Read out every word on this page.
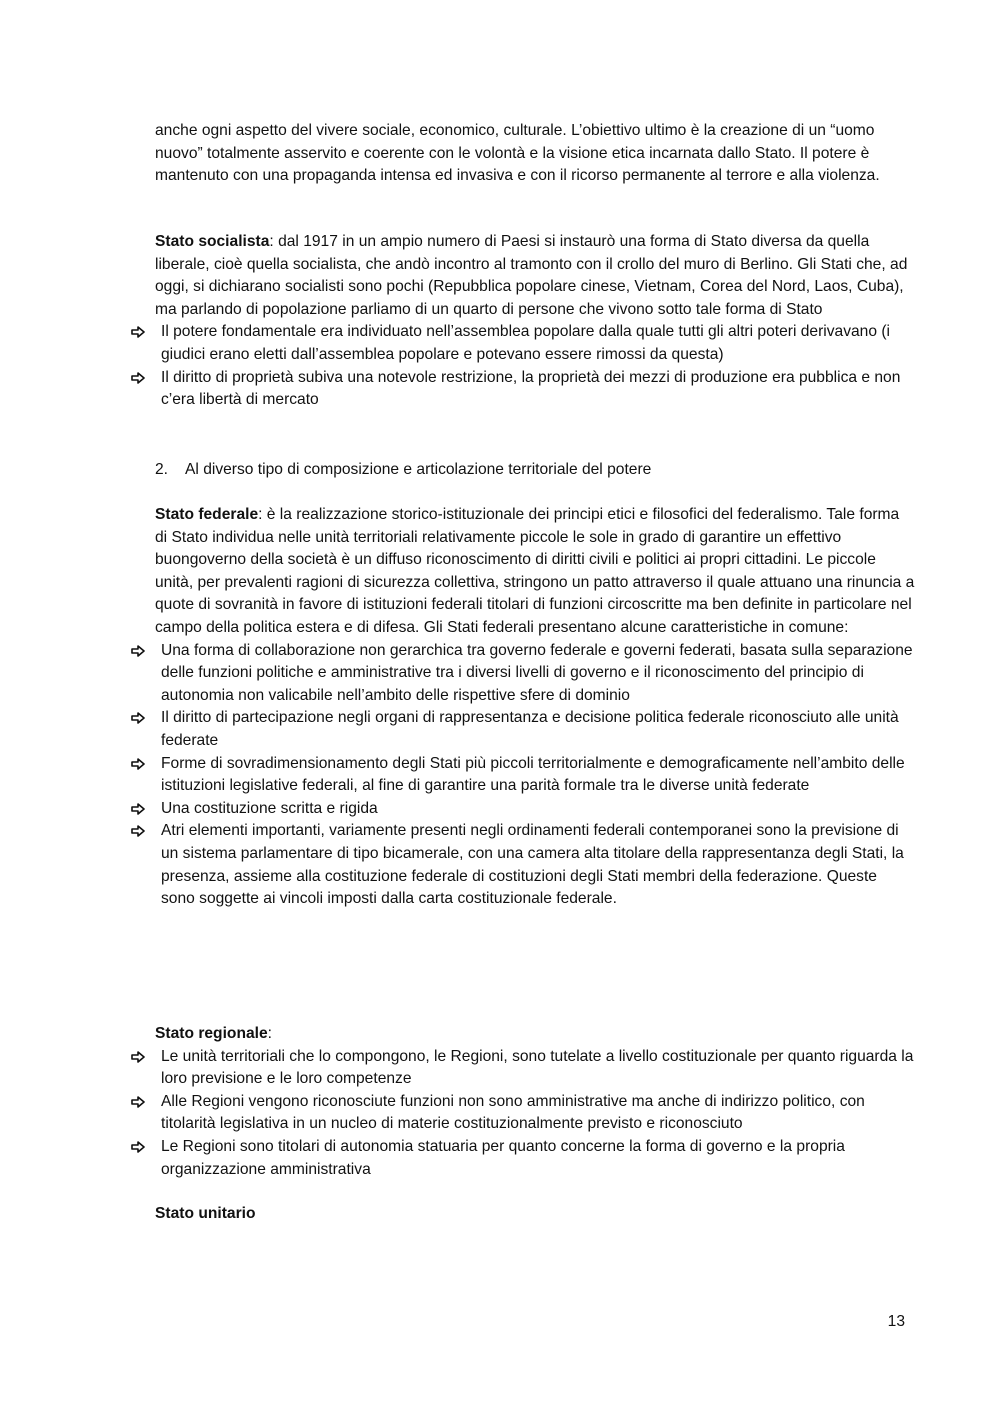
anche ogni aspetto del vivere sociale, economico, culturale. L’obiettivo ultimo è la creazione di un “uomo nuovo” totalmente asservito e coerente con le volontà e la visione etica incarnata dallo Stato. Il potere è mantenuto con una propaganda intensa ed invasiva e con il ricorso permanente al terrore e alla violenza.

Stato socialista: dal 1917 in un ampio numero di Paesi si instaurò una forma di Stato diversa da quella liberale, cioè quella socialista, che andò incontro al tramonto con il crollo del muro di Berlino. Gli Stati che, ad oggi, si dichiarano socialisti sono pochi (Repubblica popolare cinese, Vietnam, Corea del Nord, Laos, Cuba), ma parlando di popolazione parliamo di un quarto di persone che vivono sotto tale forma di Stato

Il potere fondamentale era individuato nell’assemblea popolare dalla quale tutti gli altri poteri derivavano (i giudici erano eletti dall’assemblea popolare e potevano essere rimossi da questa)
Il diritto di proprietà subiva una notevole restrizione, la proprietà dei mezzi di produzione era pubblica e non c’era libertà di mercato
2. Al diverso tipo di composizione e articolazione territoriale del potere

Stato federale: è la realizzazione storico-istituzionale dei principi etici e filosofici del federalismo. Tale forma di Stato individua nelle unità territoriali relativamente piccole le sole in grado di garantire un effettivo buongoverno della società è un diffuso riconoscimento di diritti civili e politici ai propri cittadini. Le piccole unità, per prevalenti ragioni di sicurezza collettiva, stringono un patto attraverso il quale attuano una rinuncia a quote di sovranità in favore di istituzioni federali titolari di funzioni circoscritte ma ben definite in particolare nel campo della politica estera e di difesa. Gli Stati federali presentano alcune caratteristiche in comune:

Una forma di collaborazione non gerarchica tra governo federale e governi federati, basata sulla separazione delle funzioni politiche e amministrative tra i diversi livelli di governo e il riconoscimento del principio di autonomia non valicabile nell’ambito delle rispettive sfere di dominio
Il diritto di partecipazione negli organi di rappresentanza e decisione politica federale riconosciuto alle unità federate
Forme di sovradimensionamento degli Stati più piccoli territorialmente e demograficamente nell’ambito delle istituzioni legislative federali, al fine di garantire una parità formale tra le diverse unità federate
Una costituzione scritta e rigida
Atri elementi importanti, variamente presenti negli ordinamenti federali contemporanei sono la previsione di un sistema parlamentare di tipo bicamerale, con una camera alta titolare della rappresentanza degli Stati, la presenza, assieme alla costituzione federale di costituzioni degli Stati membri della federazione. Queste sono soggette ai vincoli imposti dalla carta costituzionale federale.

Stato regionale:

Le unità territoriali che lo compongono, le Regioni, sono tutelate a livello costituzionale per quanto riguarda la loro previsione e le loro competenze
Alle Regioni vengono riconosciute funzioni non sono amministrative ma anche di indirizzo politico, con titolarità legislativa in un nucleo di materie costituzionalmente previsto e riconosciuto
Le Regioni sono titolari di autonomia statuaria per quanto concerne la forma di governo e la propria organizzazione amministrativa

Stato unitario

13
